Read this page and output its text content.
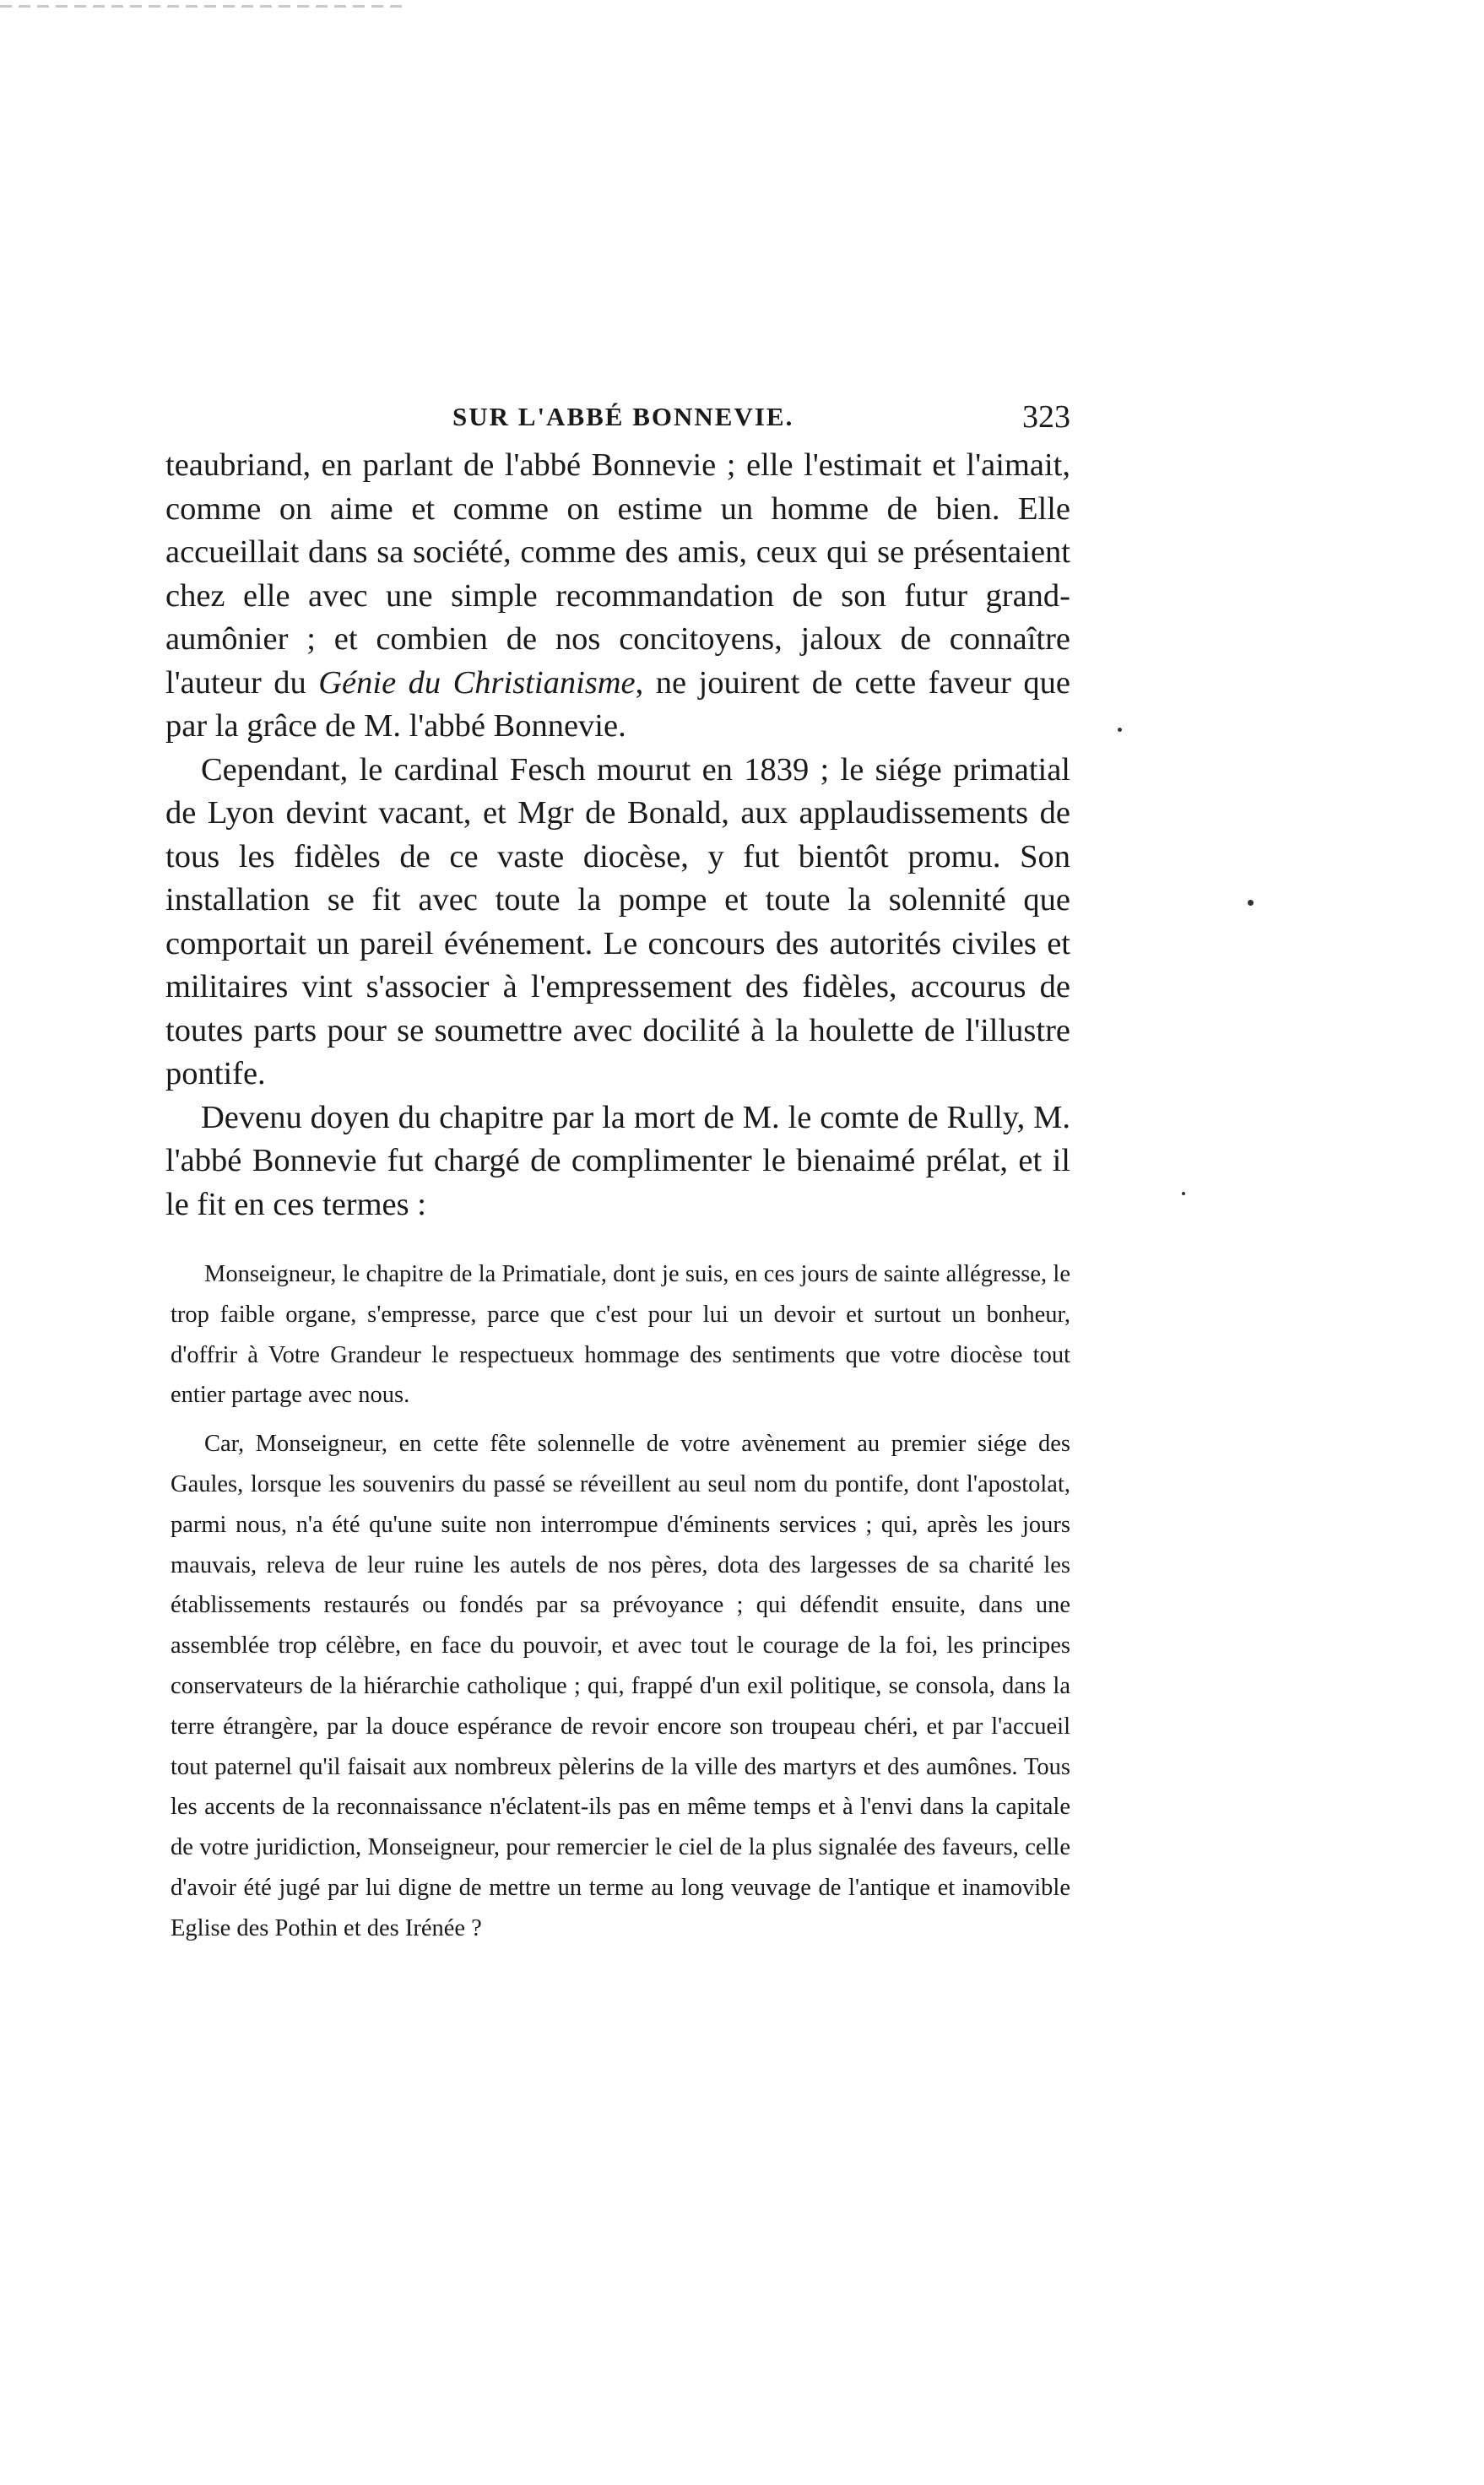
SUR L'ABBÉ BONNEVIE.	323

teaubriand, en parlant de l'abbé Bonnevie ; elle l'estimait et l'aimait, comme on aime et comme on estime un homme de bien. Elle accueillait dans sa société, comme des amis, ceux qui se présentaient chez elle avec une simple recommandation de son futur grand-aumônier ; et combien de nos concitoyens, jaloux de connaître l'auteur du Génie du Christianisme, ne jouirent de cette faveur que par la grâce de M. l'abbé Bonnevie.

Cependant, le cardinal Fesch mourut en 1839 ; le siége primatial de Lyon devint vacant, et Mgr de Bonald, aux applaudissements de tous les fidèles de ce vaste diocèse, y fut bientôt promu. Son installation se fit avec toute la pompe et toute la solennité que comportait un pareil événement. Le concours des autorités civiles et militaires vint s'associer à l'empressement des fidèles, accourus de toutes parts pour se soumettre avec docilité à la houlette de l'illustre pontife.

Devenu doyen du chapitre par la mort de M. le comte de Rully, M. l'abbé Bonnevie fut chargé de complimenter le bienaimé prélat, et il le fit en ces termes :

Monseigneur, le chapitre de la Primatiale, dont je suis, en ces jours de sainte allégresse, le trop faible organe, s'empresse, parce que c'est pour lui un devoir et surtout un bonheur, d'offrir à Votre Grandeur le respectueux hommage des sentiments que votre diocèse tout entier partage avec nous.

Car, Monseigneur, en cette fête solennelle de votre avènement au premier siége des Gaules, lorsque les souvenirs du passé se réveillent au seul nom du pontife, dont l'apostolat, parmi nous, n'a été qu'une suite non interrompue d'éminents services ; qui, après les jours mauvais, releva de leur ruine les autels de nos pères, dota des largesses de sa charité les établissements restaurés ou fondés par sa prévoyance ; qui défendit ensuite, dans une assemblée trop célèbre, en face du pouvoir, et avec tout le courage de la foi, les principes conservateurs de la hiérarchie catholique ; qui, frappé d'un exil politique, se consola, dans la terre étrangère, par la douce espérance de revoir encore son troupeau chéri, et par l'accueil tout paternel qu'il faisait aux nombreux pèlerins de la ville des martyrs et des aumônes. Tous les accents de la reconnaissance n'éclatent-ils pas en même temps et à l'envi dans la capitale de votre juridiction, Monseigneur, pour remercier le ciel de la plus signalée des faveurs, celle d'avoir été jugé par lui digne de mettre un terme au long veuvage de l'antique et inamovible Eglise des Pothin et des Irénée ?
